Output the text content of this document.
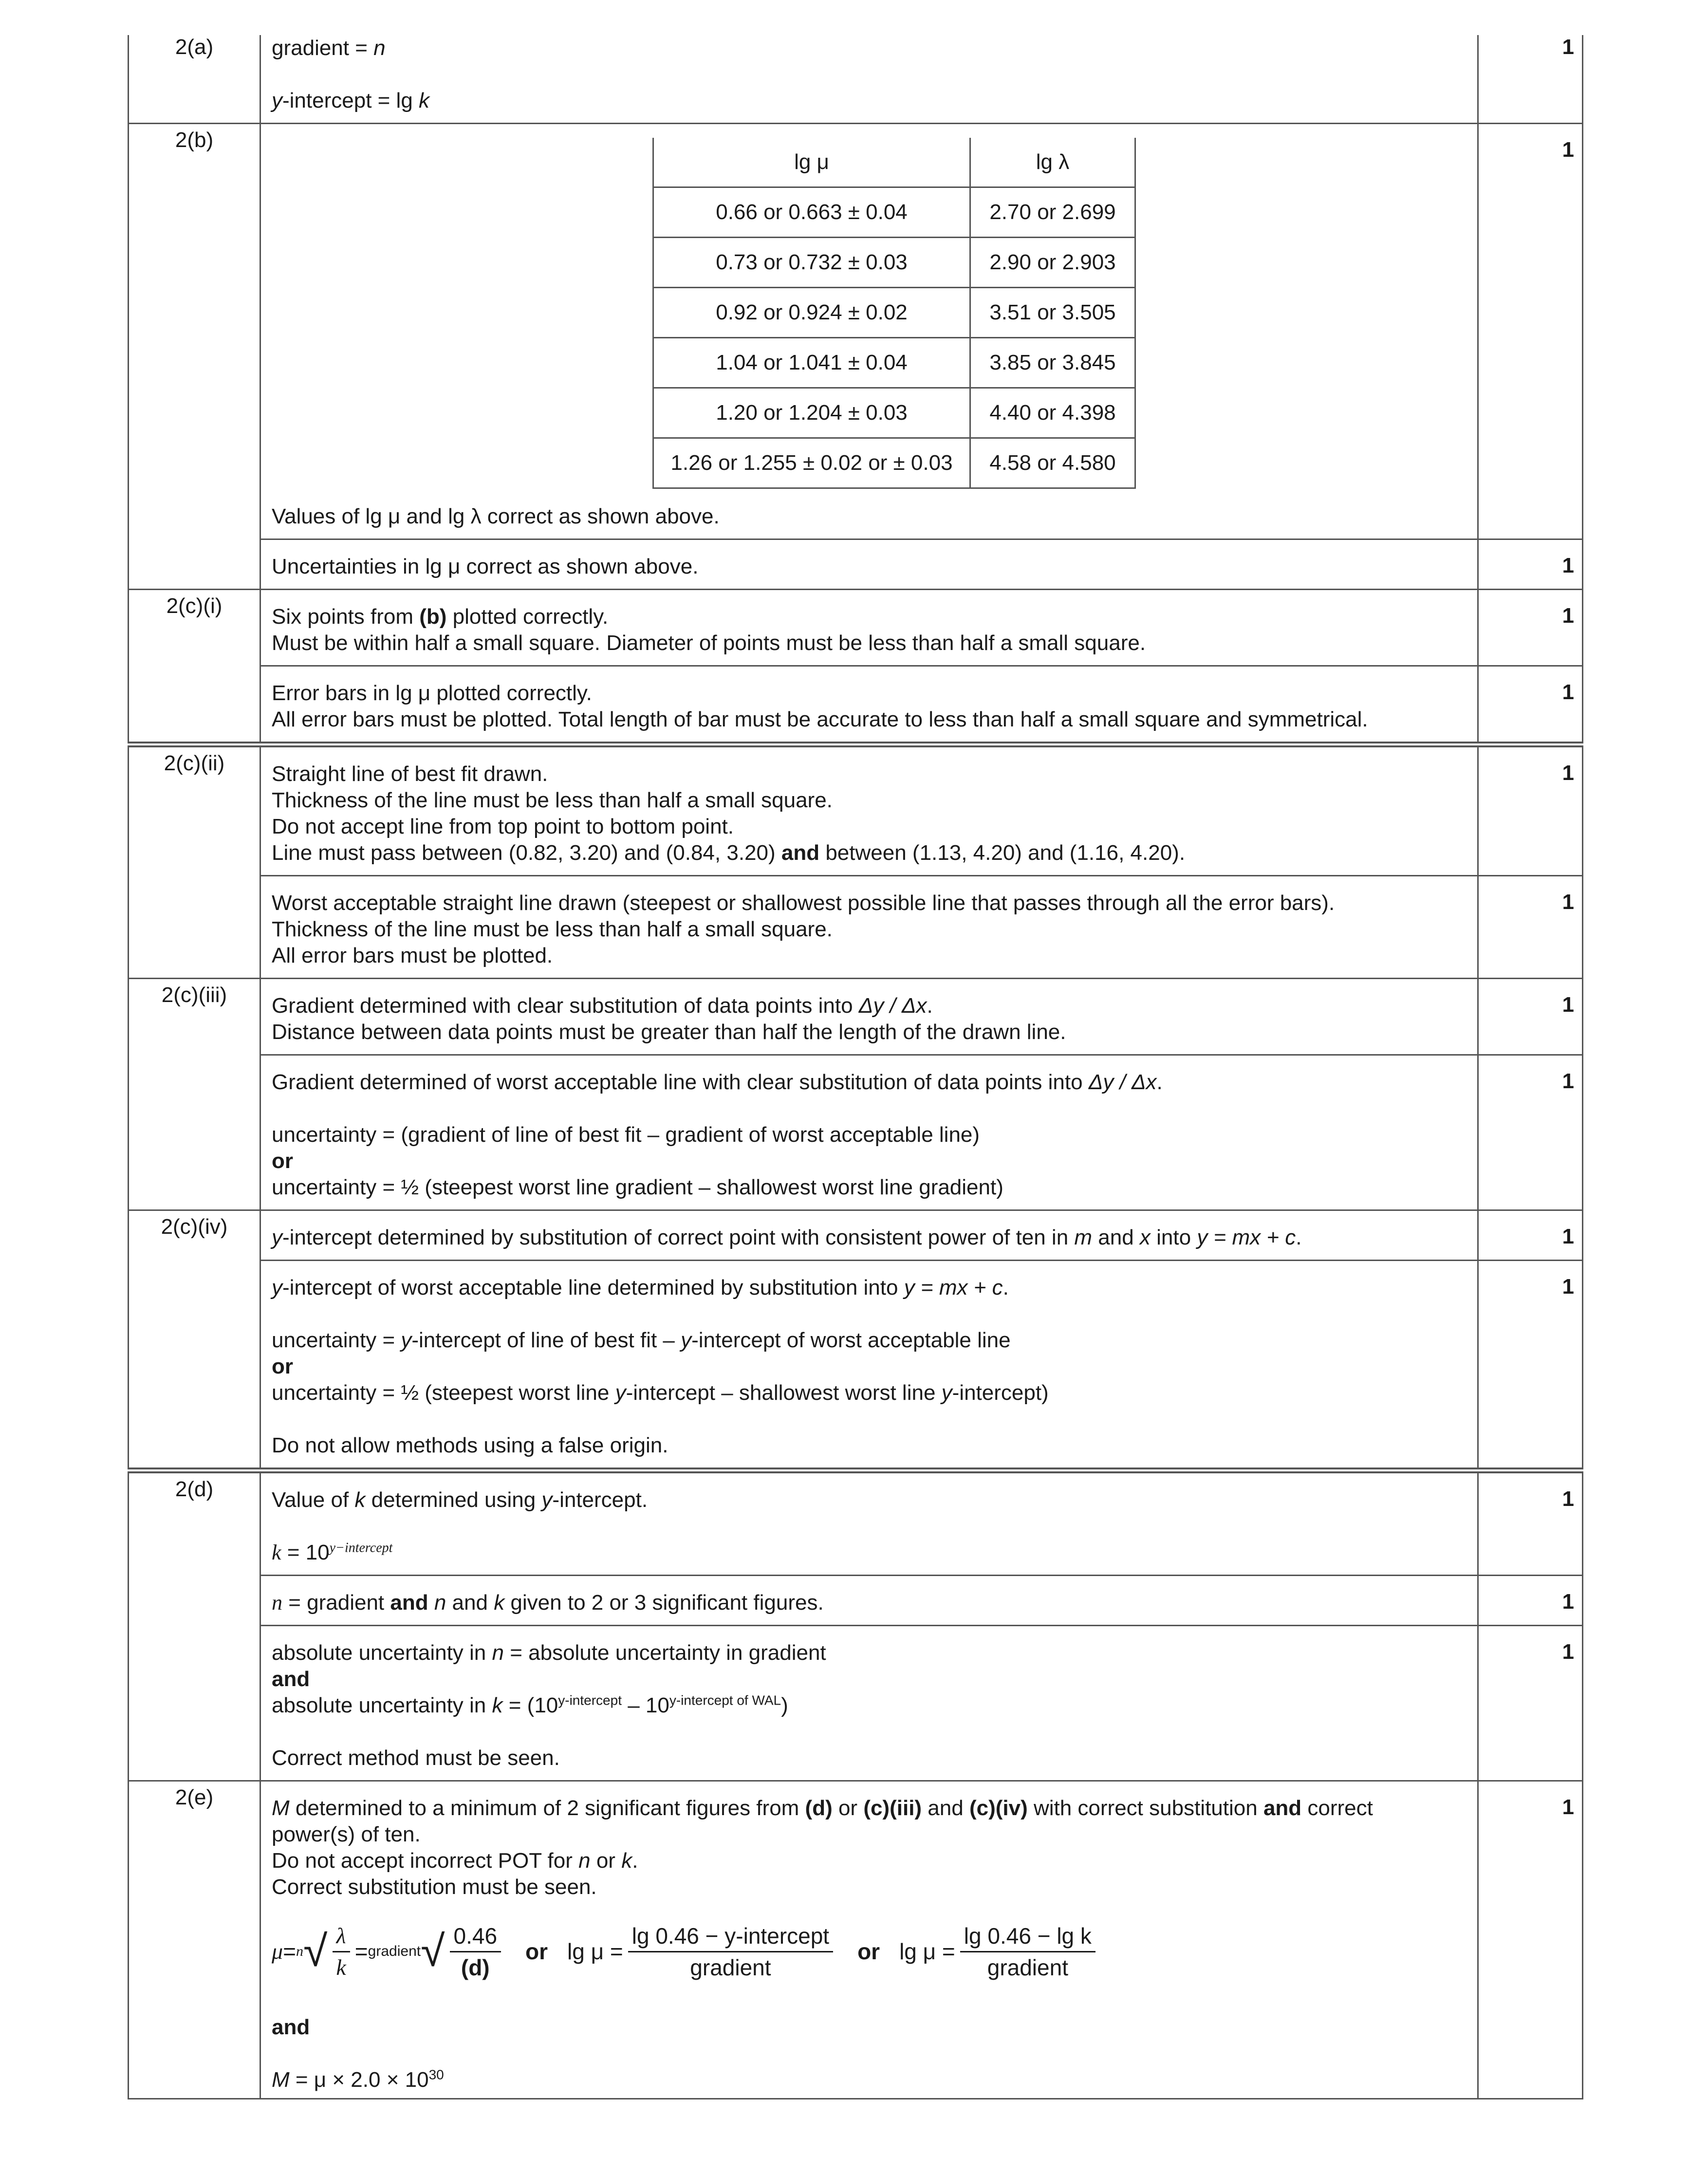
2(a)	gradient = n

y-intercept = lg k

	1
2(b)	
lg μ	lg λ
0.66 or 0.663 ± 0.04	2.70 or 2.699
0.73 or 0.732 ± 0.03	2.90 or 2.903
0.92 or 0.924 ± 0.02	3.51 or 3.505
1.04 or 1.041 ± 0.04	3.85 or 3.845
1.20 or 1.204 ± 0.03	4.40 or 4.398
1.26 or 1.255 ± 0.02 or ± 0.03	4.58 or 4.580

Values of lg μ and lg λ correct as shown above.

	1

Uncertainties in lg μ correct as shown above.	1
2(c)(i)	Six points from (b) plotted correctly.

Must be within half a small square. Diameter of points must be less than half a small square.

	1

Error bars in lg μ plotted correctly.

All error bars must be plotted. Total length of bar must be accurate to less than half a small square and symmetrical.

	1
2(c)(ii)	Straight line of best fit drawn.

Thickness of the line must be less than half a small square.

Do not accept line from top point to bottom point.

Line must pass between (0.82, 3.20) and (0.84, 3.20) and between (1.13, 4.20) and (1.16, 4.20).

	1

Worst acceptable straight line drawn (steepest or shallowest possible line that passes through all the error bars).

Thickness of the line must be less than half a small square.

All error bars must be plotted.

	1
2(c)(iii)	Gradient determined with clear substitution of data points into Δy / Δx.

Distance between data points must be greater than half the length of the drawn line.

	1

Gradient determined of worst acceptable line with clear substitution of data points into Δy / Δx.

uncertainty = (gradient of line of best fit – gradient of worst acceptable line)

or

uncertainty = ½ (steepest worst line gradient – shallowest worst line gradient)

	1
2(c)(iv)	y-intercept determined by substitution of correct point with consistent power of ten in m and x into y = mx + c.	1

y-intercept of worst acceptable line determined by substitution into y = mx + c.

uncertainty = y-intercept of line of best fit – y-intercept of worst acceptable line

or

uncertainty = ½ (steepest worst line y-intercept – shallowest worst line y-intercept)

Do not allow methods using a false origin.

	1
2(d)	Value of k determined using y-intercept.

$k = 10^{y-intercept}$

	1

n = gradient and n and k given to 2 or 3 significant figures.	1

absolute uncertainty in n = absolute uncertainty in gradient

and

absolute uncertainty in $k = (10^{y-intercept} - 10^{y-intercept of WAL})$

Correct method must be seen.

	1
2(e)	M determined to a minimum of 2 significant figures from (d) or (c)(iii) and (c)(iv) with correct substitution and correct

power(s) of ten.

Do not accept incorrect POT for n or k.

Correct substitution must be seen.

μ = n √ $\frac{\lambda}{k}$ = gradient √ $\frac{0.46}{(d)}$ or $\lg \mu = \frac{\text{lg 0.46 − y-intercept}}{\text{gradient}}$ or $\lg \mu = \frac{\text{lg 0.46 − lg k}}{\text{gradient}}$

and

$M = \mu \times 2.0 \times 10^{30}$

	1
